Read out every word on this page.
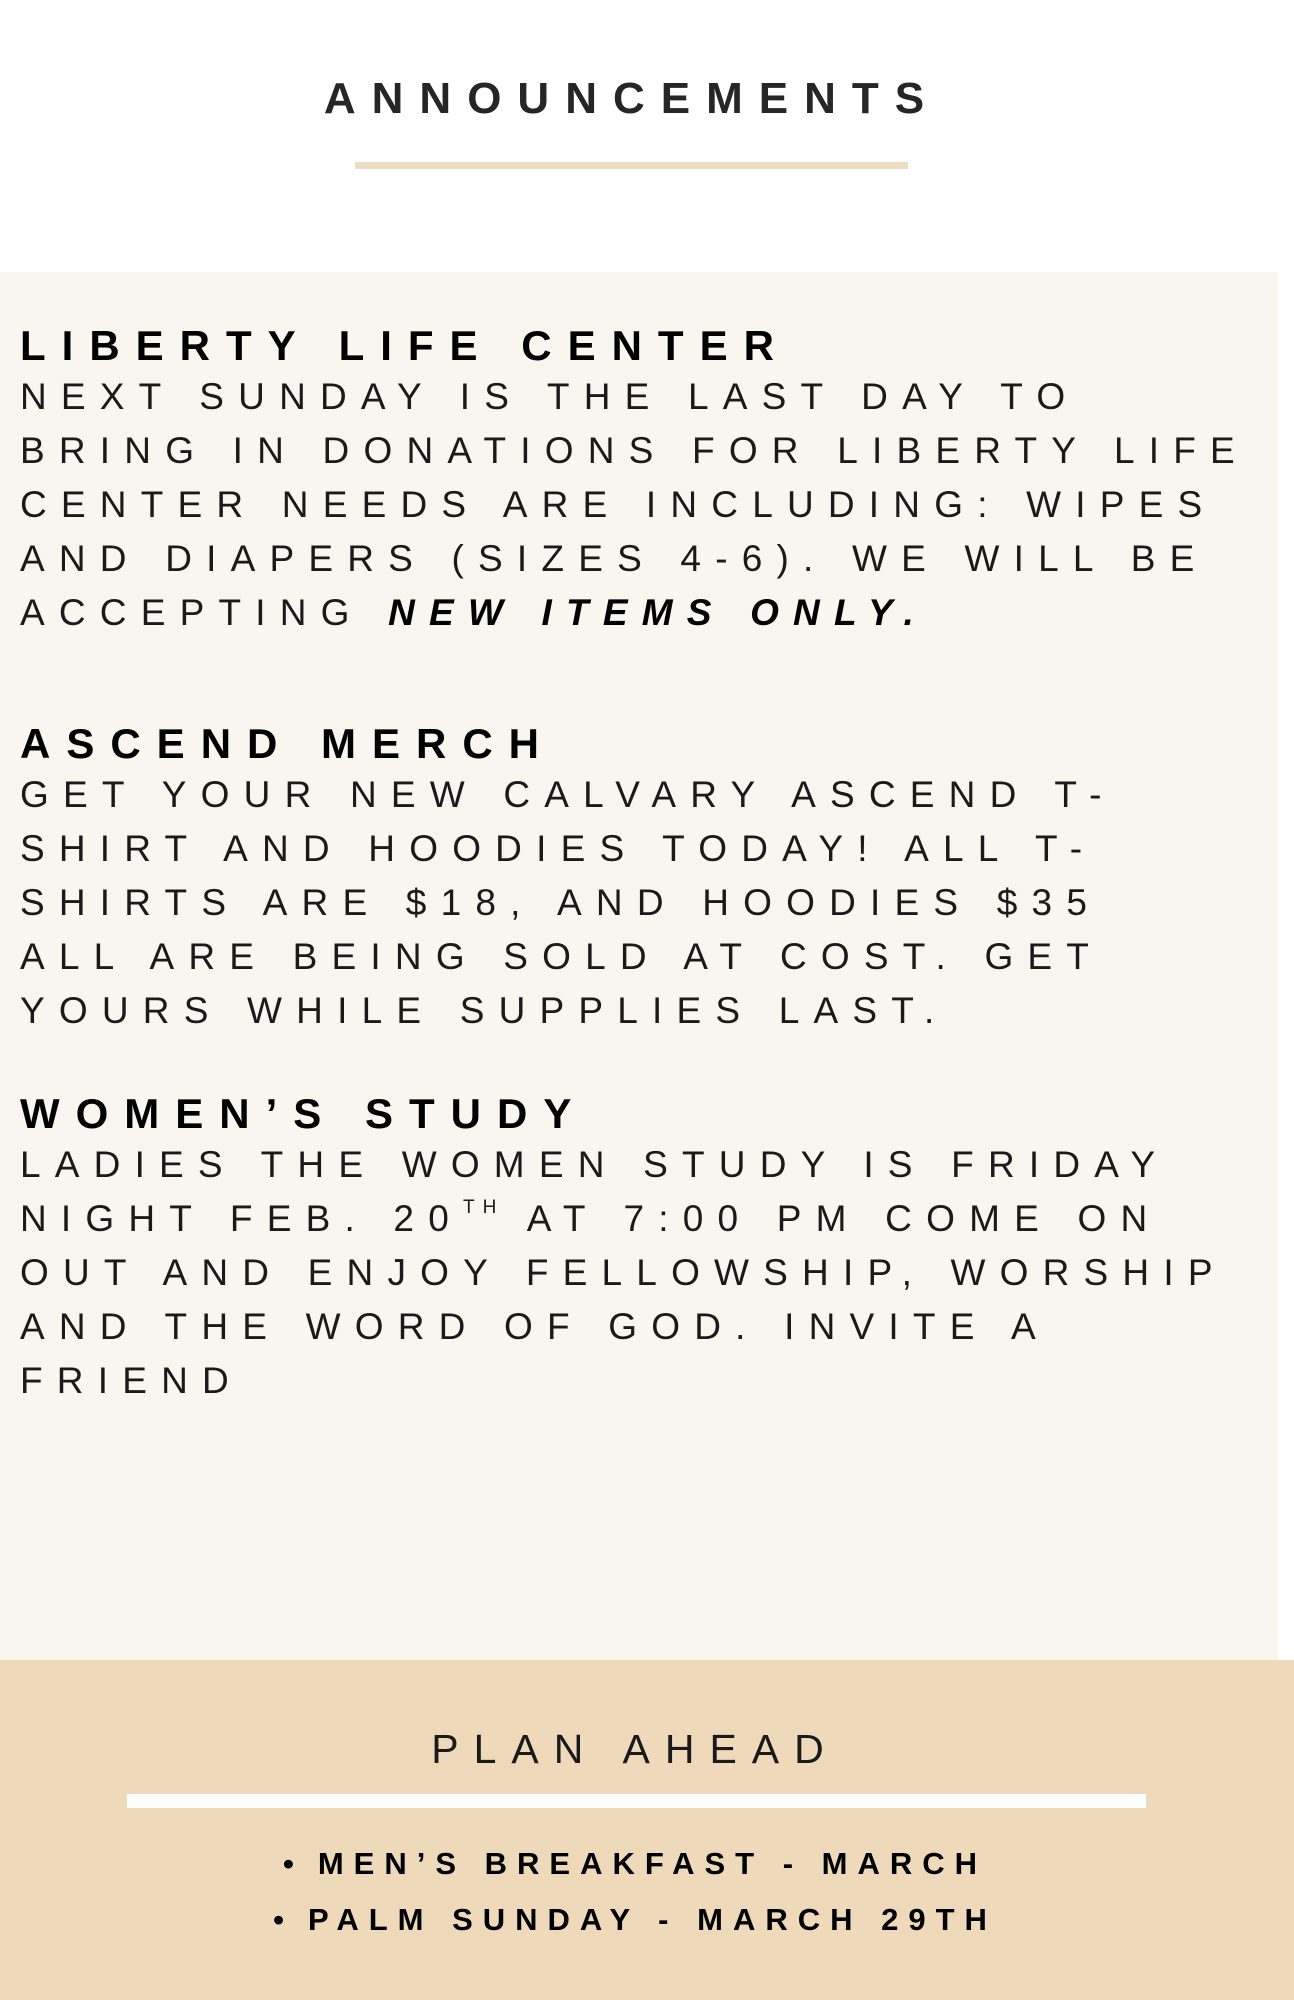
ANNOUNCEMENTS
LIBERTY LIFE CENTER

NEXT SUNDAY IS THE LAST DAY TO
BRING IN DONATIONS FOR LIBERTY LIFE
CENTER NEEDS ARE INCLUDING: WIPES
AND DIAPERS (SIZES 4-6). WE WILL BE
ACCEPTING NEW ITEMS ONLY.

ASCEND MERCH

GET YOUR NEW CALVARY ASCEND T-
SHIRT AND HOODIES TODAY! ALL T-
SHIRTS ARE $18, AND HOODIES $35
ALL ARE BEING SOLD AT COST. GET
YOURS WHILE SUPPLIES LAST.

WOMEN’S STUDY

LADIES THE WOMEN STUDY IS FRIDAY
NIGHT FEB. 20TH AT 7:00 PM COME ON
OUT AND ENJOY FELLOWSHIP, WORSHIP
AND THE WORD OF GOD. INVITE A
FRIEND

PLAN AHEAD
• MEN’S BREAKFAST - MARCH
• PALM SUNDAY - MARCH 29TH
